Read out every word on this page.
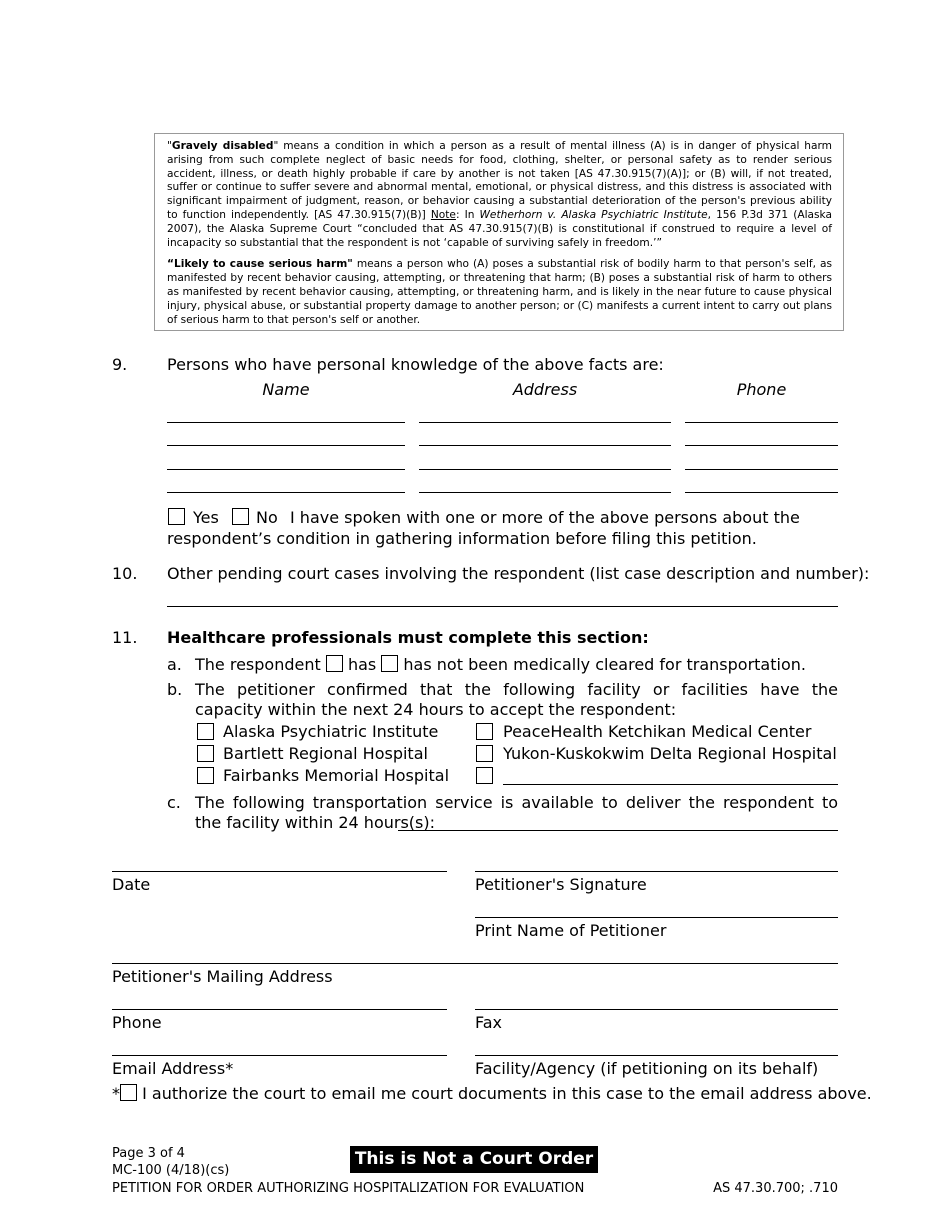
"Gravely disabled" means a condition in which a person as a result of mental illness (A) is in danger of physical harm arising from such complete neglect of basic needs for food, clothing, shelter, or personal safety as to render serious accident, illness, or death highly probable if care by another is not taken [AS 47.30.915(7)(A)]; or (B) will, if not treated, suffer or continue to suffer severe and abnormal mental, emotional, or physical distress, and this distress is associated with significant impairment of judgment, reason, or behavior causing a substantial deterioration of the person's previous ability to function independently. [AS 47.30.915(7)(B)] Note: In Wetherhorn v. Alaska Psychiatric Institute, 156 P.3d 371 (Alaska 2007), the Alaska Supreme Court “concluded that AS 47.30.915(7)(B) is constitutional if construed to require a level of incapacity so substantial that the respondent is not ‘capable of surviving safely in freedom.’”

“Likely to cause serious harm" means a person who (A) poses a substantial risk of bodily harm to that person's self, as manifested by recent behavior causing, attempting, or threatening that harm; (B) poses a substantial risk of harm to others as manifested by recent behavior causing, attempting, or threatening harm, and is likely in the near future to cause physical injury, physical abuse, or substantial property damage to another person; or (C) manifests a current intent to carry out plans of serious harm to that person's self or another.

9. Persons who have personal knowledge of the above facts are:
Name	Address	Phone
Yes No I have spoken with one or more of the above persons about the
respondent’s condition in gathering information before filing this petition.
10. Other pending court cases involving the respondent (list case description and number):
11. Healthcare professionals must complete this section:
a. The respondent has has not been medically cleared for transportation.
b. The petitioner confirmed that the following facility or facilities have the capacity within the next 24 hours to accept the respondent:
Alaska Psychiatric Institute
Bartlett Regional Hospital
Fairbanks Memorial Hospital
PeaceHealth Ketchikan Medical Center
Yukon-Kuskokwim Delta Regional Hospital
c. The following transportation service is available to deliver the respondent to the facility within 24 hours(s):
Date	Petitioner's Signature
Print Name of Petitioner
Petitioner's Mailing Address
Phone	Fax
Email Address*	Facility/Agency (if petitioning on its behalf)
* I authorize the court to email me court documents in this case to the email address above.
Page 3 of 4
MC-100 (4/18)(cs)
PETITION FOR ORDER AUTHORIZING HOSPITALIZATION FOR EVALUATION
This is Not a Court Order
AS 47.30.700; .710
